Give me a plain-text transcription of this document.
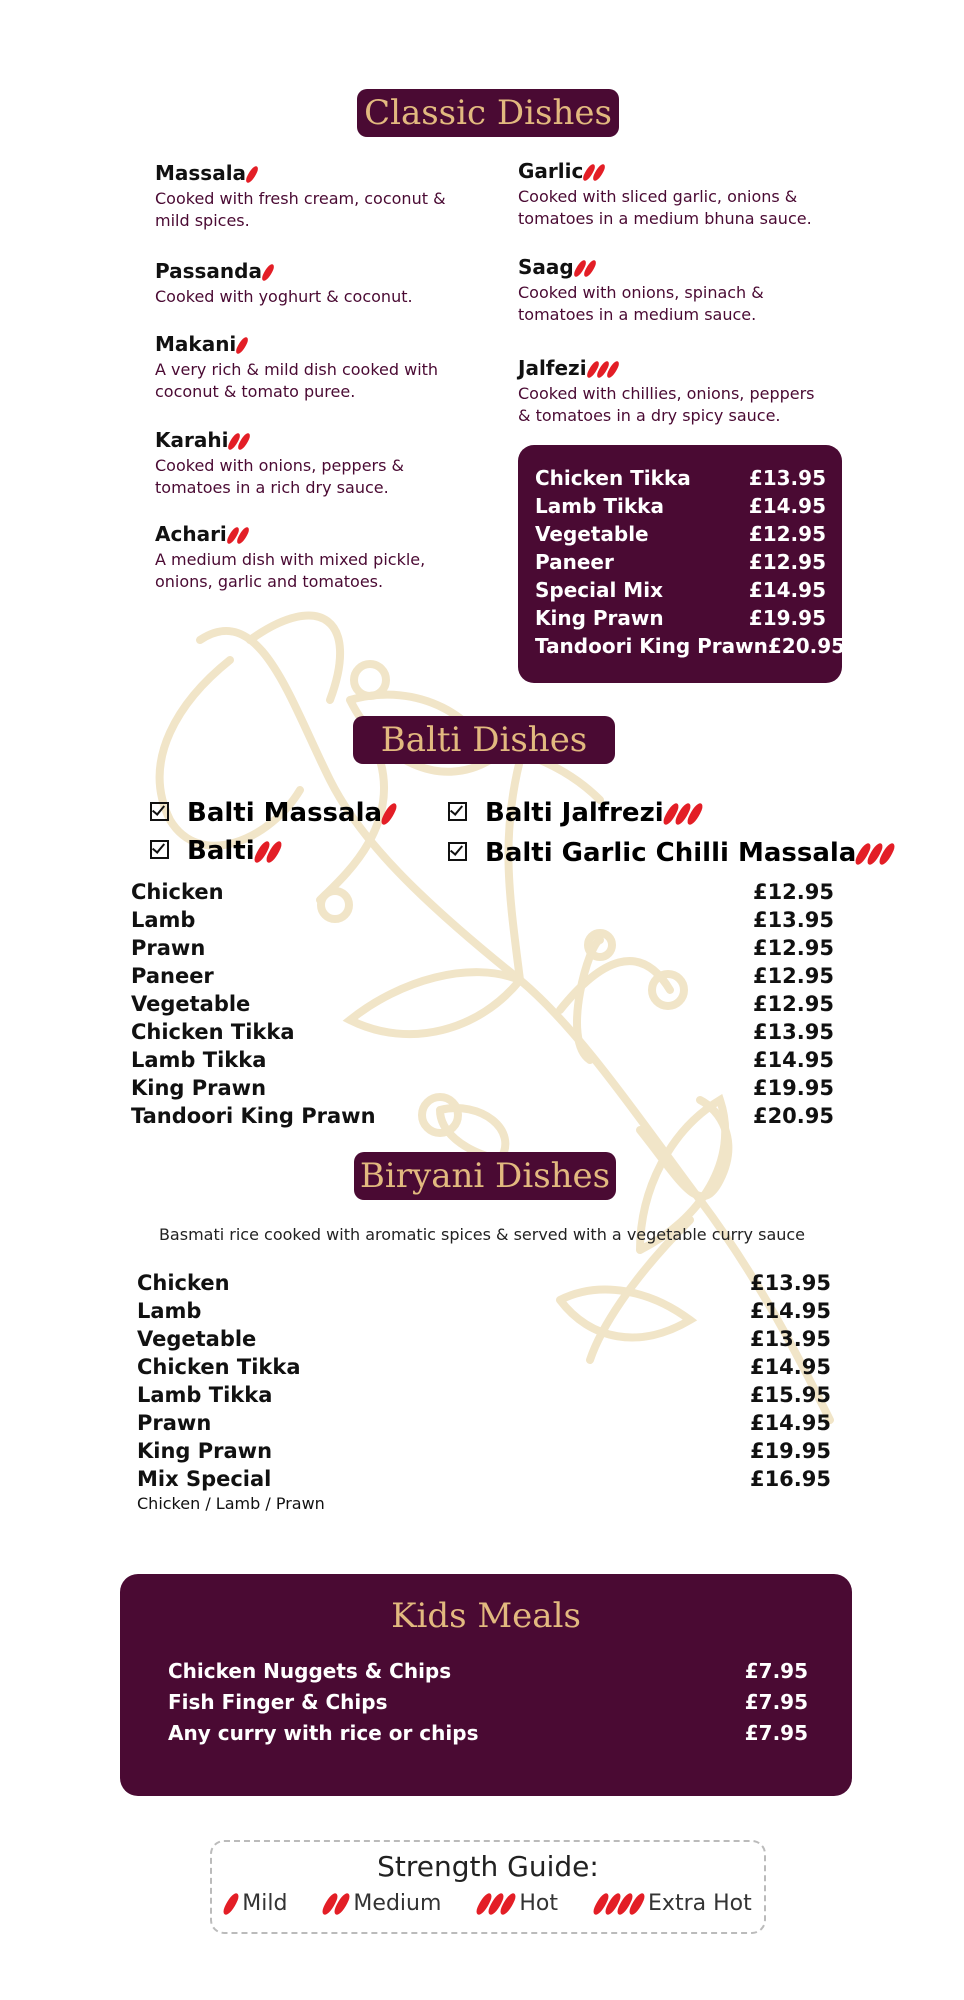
Classic Dishes
Massala
Cooked with fresh cream, coconut & mild spices.
Passanda
Cooked with yoghurt & coconut.
Makani
A very rich & mild dish cooked with coconut & tomato puree.
Karahi
Cooked with onions, peppers & tomatoes in a rich dry sauce.
Achari
A medium dish with mixed pickle, onions, garlic and tomatoes.
Garlic
Cooked with sliced garlic, onions & tomatoes in a medium bhuna sauce.
Saag
Cooked with onions, spinach & tomatoes in a medium sauce.
Jalfezi
Cooked with chillies, onions, peppers & tomatoes in a dry spicy sauce.
Chicken Tikka	£13.95
Lamb Tikka	£14.95
Vegetable	£12.95
Paneer	£12.95
Special Mix	£14.95
King Prawn	£19.95
Tandoori King Prawn £20.95
Balti Dishes
Balti Massala
Balti
Balti Jalfrezi
Balti Garlic Chilli Massala
Chicken	£12.95
Lamb	£13.95
Prawn	£12.95
Paneer	£12.95
Vegetable	£12.95
Chicken Tikka	£13.95
Lamb Tikka	£14.95
King Prawn	£19.95
Tandoori King Prawn	£20.95
Biryani Dishes
Basmati rice cooked with aromatic spices & served with a vegetable curry sauce
Chicken	£13.95
Lamb	£14.95
Vegetable	£13.95
Chicken Tikka	£14.95
Lamb Tikka	£15.95
Prawn	£14.95
King Prawn	£19.95
Mix Special	£16.95
Chicken / Lamb / Prawn
Kids Meals
Chicken Nuggets & Chips	£7.95
Fish Finger & Chips	£7.95
Any curry with rice or chips	£7.95
Strength Guide:
Mild	Medium	Hot	Extra Hot
